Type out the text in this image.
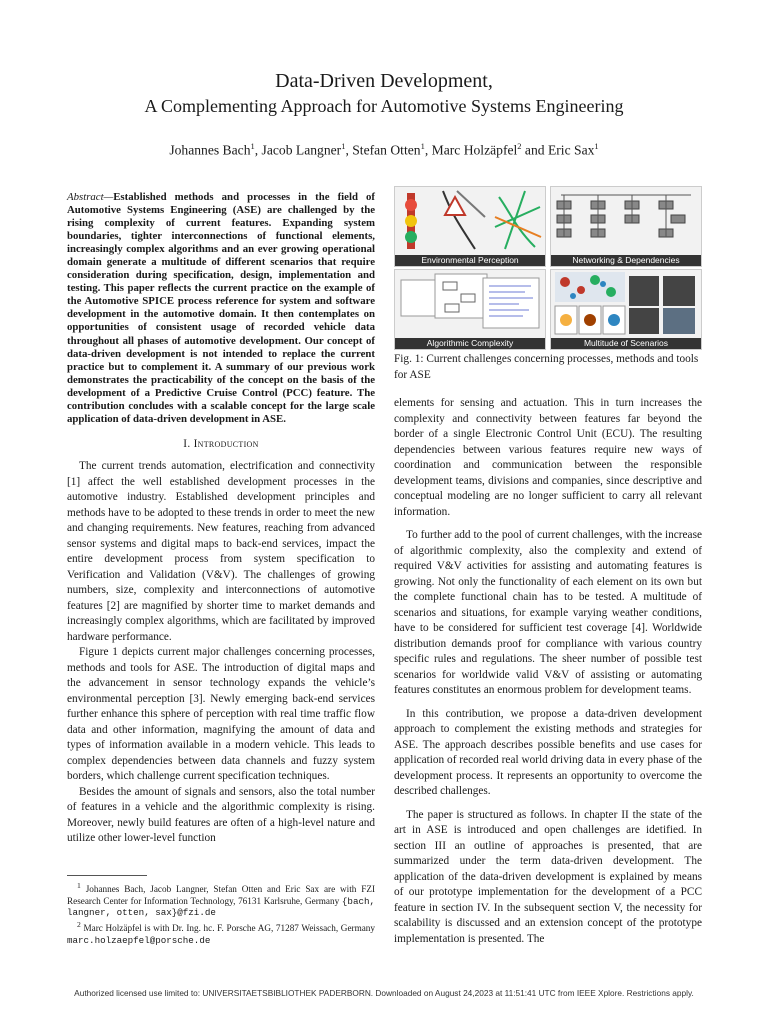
Data-Driven Development,
A Complementing Approach for Automotive Systems Engineering
Johannes Bach$^1$, Jacob Langner$^1$, Stefan Otten$^1$, Marc Holzäpfel$^2$ and Eric Sax$^1$

Abstract—Established methods and processes in the field of Automotive Systems Engineering (ASE) are challenged by the rising complexity of current features. Expanding system boundaries, tighter interconnections of functional elements, increasingly complex algorithms and an ever growing operational domain generate a multitude of different scenarios that require consideration during specification, design, implementation and testing. This paper reflects the current practice on the example of the Automotive SPICE process reference for system and software development in the automotive domain. It then contemplates on opportunities of consistent usage of recorded vehicle data throughout all phases of automotive development. Our concept of data-driven development is not intended to replace the current practice but to complement it. A summary of our previous work demonstrates the practicability of the concept on the basis of the development of a Predictive Cruise Control (PCC) feature. The contribution concludes with a scalable concept for the large scale application of data-driven development in ASE.

I. Introduction

The current trends automation, electrification and connectivity [1] affect the well established development processes in the automotive industry. Established development principles and methods have to be adopted to these trends in order to meet the new and changing requirements. New features, reaching from advanced sensor systems and digital maps to back-end services, impact the entire development process from system specification to Verification and Validation (V&V). The challenges of growing numbers, size, complexity and interconnections of automotive features [2] are magnified by shorter time to market demands and increasingly complex algorithms, which are facilitated by improved hardware performance.

Figure 1 depicts current major challenges concerning processes, methods and tools for ASE. The introduction of digital maps and the advancement in sensor technology expands the vehicle’s environmental perception [3]. Newly emerging back-end services further enhance this sphere of perception with real time traffic flow data and other information, magnifying the amount of data and types of information available in a modern vehicle. This leads to complex dependencies between data channels and fuzzy system borders, which challenge current specification techniques.

Besides the amount of signals and sensors, also the total number of features in a vehicle and the algorithmic complexity is rising. Moreover, newly build features are often of a high-level nature and utilize other lower-level function

$^1$ Johannes Bach, Jacob Langner, Stefan Otten and Eric Sax are with FZI Research Center for Information Technology, 76131 Karlsruhe, Germany {bach, langner, otten, sax}@fzi.de

$^2$ Marc Holzäpfel is with Dr. Ing. hc. F. Porsche AG, 71287 Weissach, Germany marc.holzaepfel@porsche.de

Environmental Perception	Networking & Dependencies
Algorithmic Complexity	Multitude of Scenarios
Fig. 1: Current challenges concerning processes, methods and tools for ASE

elements for sensing and actuation. This in turn increases the complexity and connectivity between features far beyond the border of a single Electronic Control Unit (ECU). The resulting dependencies between various features require new ways of coordination and communication between the responsible development teams, divisions and companies, since descriptive and conceptual modeling are no longer sufficient to carry all relevant information.

To further add to the pool of current challenges, with the increase of algorithmic complexity, also the complexity and extend of required V&V activities for assisting and automating features is growing. Not only the functionality of each element on its own but the complete functional chain has to be tested. A multitude of scenarios and situations, for example varying weather conditions, have to be considered for sufficient test coverage [4]. Worldwide distribution demands proof for compliance with various country specific rules and regulations. The sheer number of possible test scenarios for worldwide valid V&V of assisting or automating features constitutes an enormous problem for development teams.

In this contribution, we propose a data-driven development approach to complement the existing methods and strategies for ASE. The approach describes possible benefits and use cases for application of recorded real world driving data in every phase of the development process. It represents an opportunity to overcome the described challenges.

The paper is structured as follows. In chapter II the state of the art in ASE is introduced and open challenges are idetified. In section III an outline of approaches is presented, that are summarized under the term data-driven development. The application of the data-driven development is explained by means of our prototype implementation for the development of a PCC feature in section IV. In the subsequent section V, the necessity for scalability is discussed and an extension concept of the prototype implementation is presented. The

Authorized licensed use limited to: UNIVERSITAETSBIBLIOTHEK PADERBORN. Downloaded on August 24,2023 at 11:51:41 UTC from IEEE Xplore. Restrictions apply.
